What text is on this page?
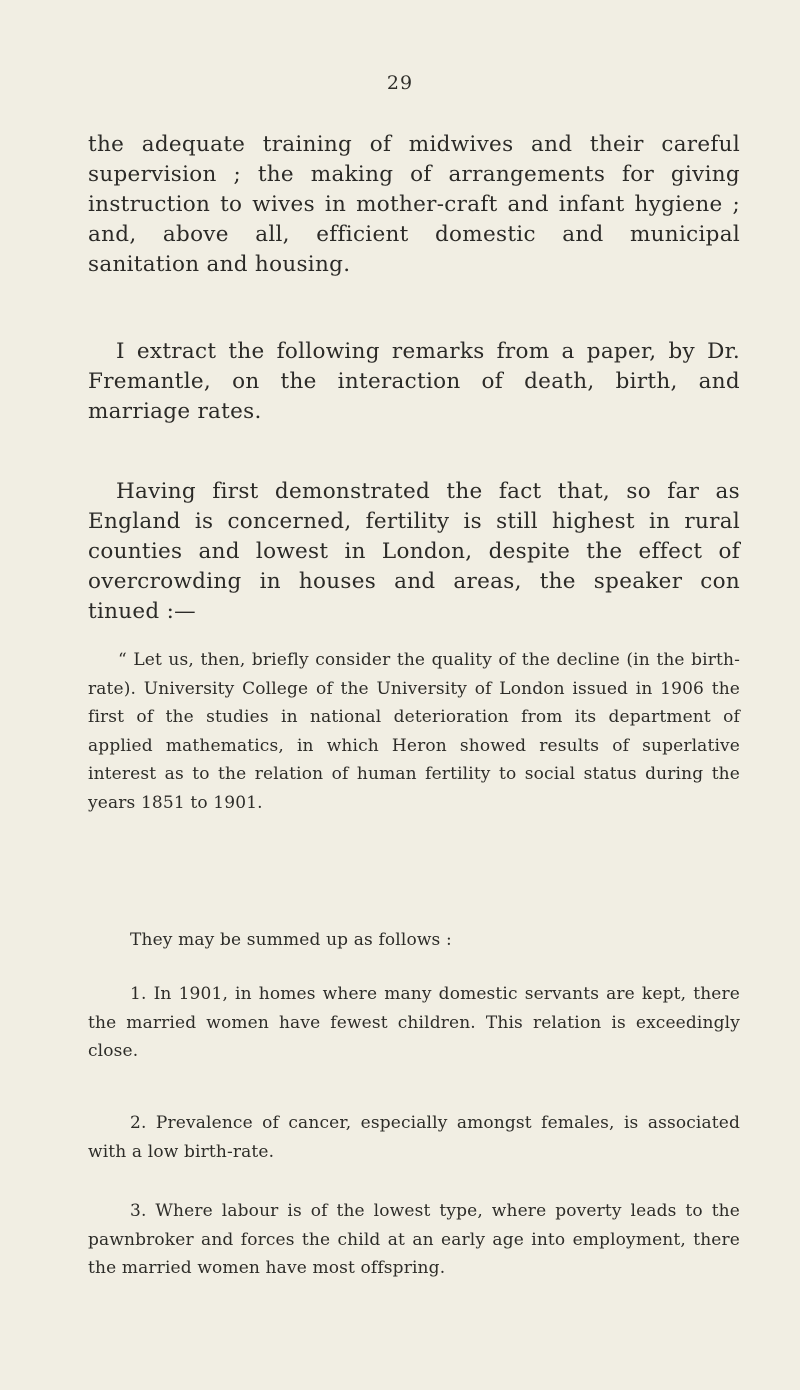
29

the adequate training of midwives and their careful supervision ; the making of arrangements for giving instruction to wives in mother-craft and infant hygiene ; and, above all, efficient domestic and municipal sanitation and housing.

I extract the following remarks from a paper, by Dr. Fremantle, on the interaction of death, birth, and marriage rates.

Having first demonstrated the fact that, so far as England is concerned, fertility is still highest in rural counties and lowest in London, despite the effect of overcrowding in houses and areas, the speaker con tinued :—

“ Let us, then, briefly consider the quality of the decline (in the birth-rate). University College of the University of London issued in 1906 the first of the studies in national deterioration from its department of applied mathematics, in which Heron showed results of superlative interest as to the relation of human fertility to social status during the years 1851 to 1901.

They may be summed up as follows :

1. In 1901, in homes where many domestic servants are kept, there the married women have fewest children. This relation is exceedingly close.

2. Prevalence of cancer, especially amongst females, is associated with a low birth-rate.

3. Where labour is of the lowest type, where poverty leads to the pawnbroker and forces the child at an early age into employment, there the married women have most offspring.
